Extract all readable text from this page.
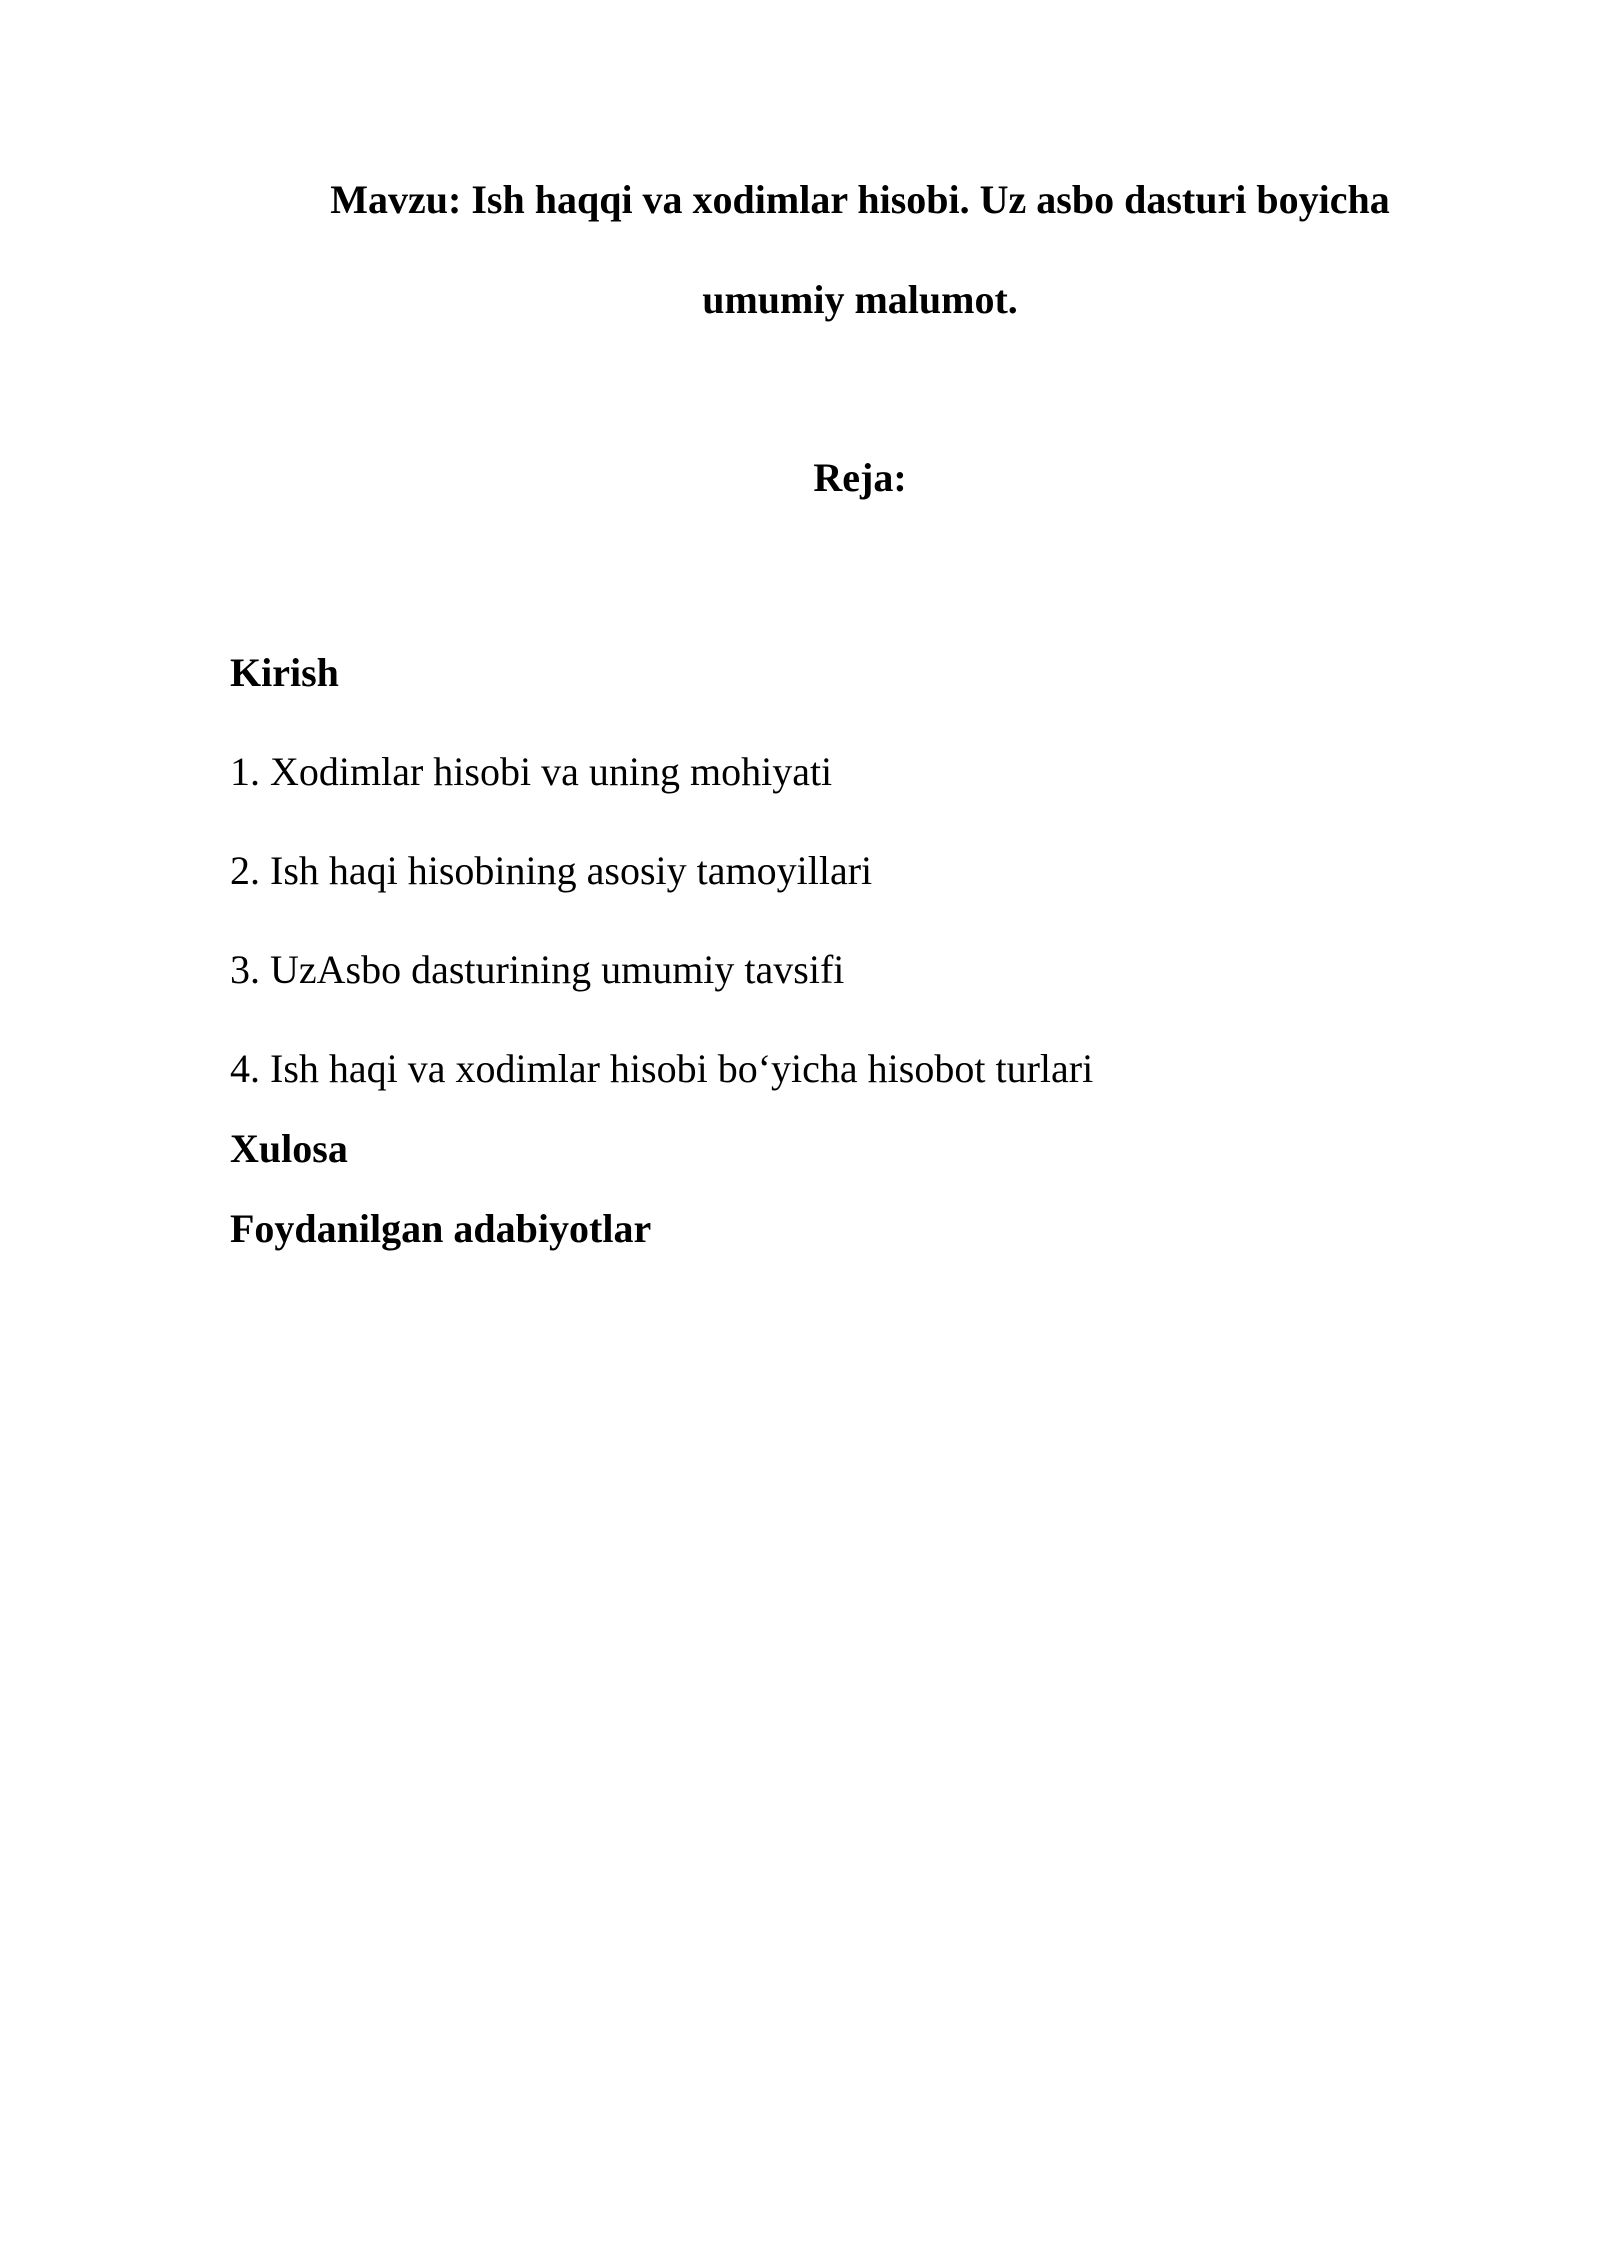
Mavzu: Ish haqqi va xodimlar hisobi. Uz asbo dasturi boyicha
umumiy malumot.
Reja:
Kirish
1. Xodimlar hisobi va uning mohiyati
2. Ish haqi hisobining asosiy tamoyillari
3. UzAsbo dasturining umumiy tavsifi
4. Ish haqi va xodimlar hisobi bo‘yicha hisobot turlari
Xulosa
Foydanilgan adabiyotlar
